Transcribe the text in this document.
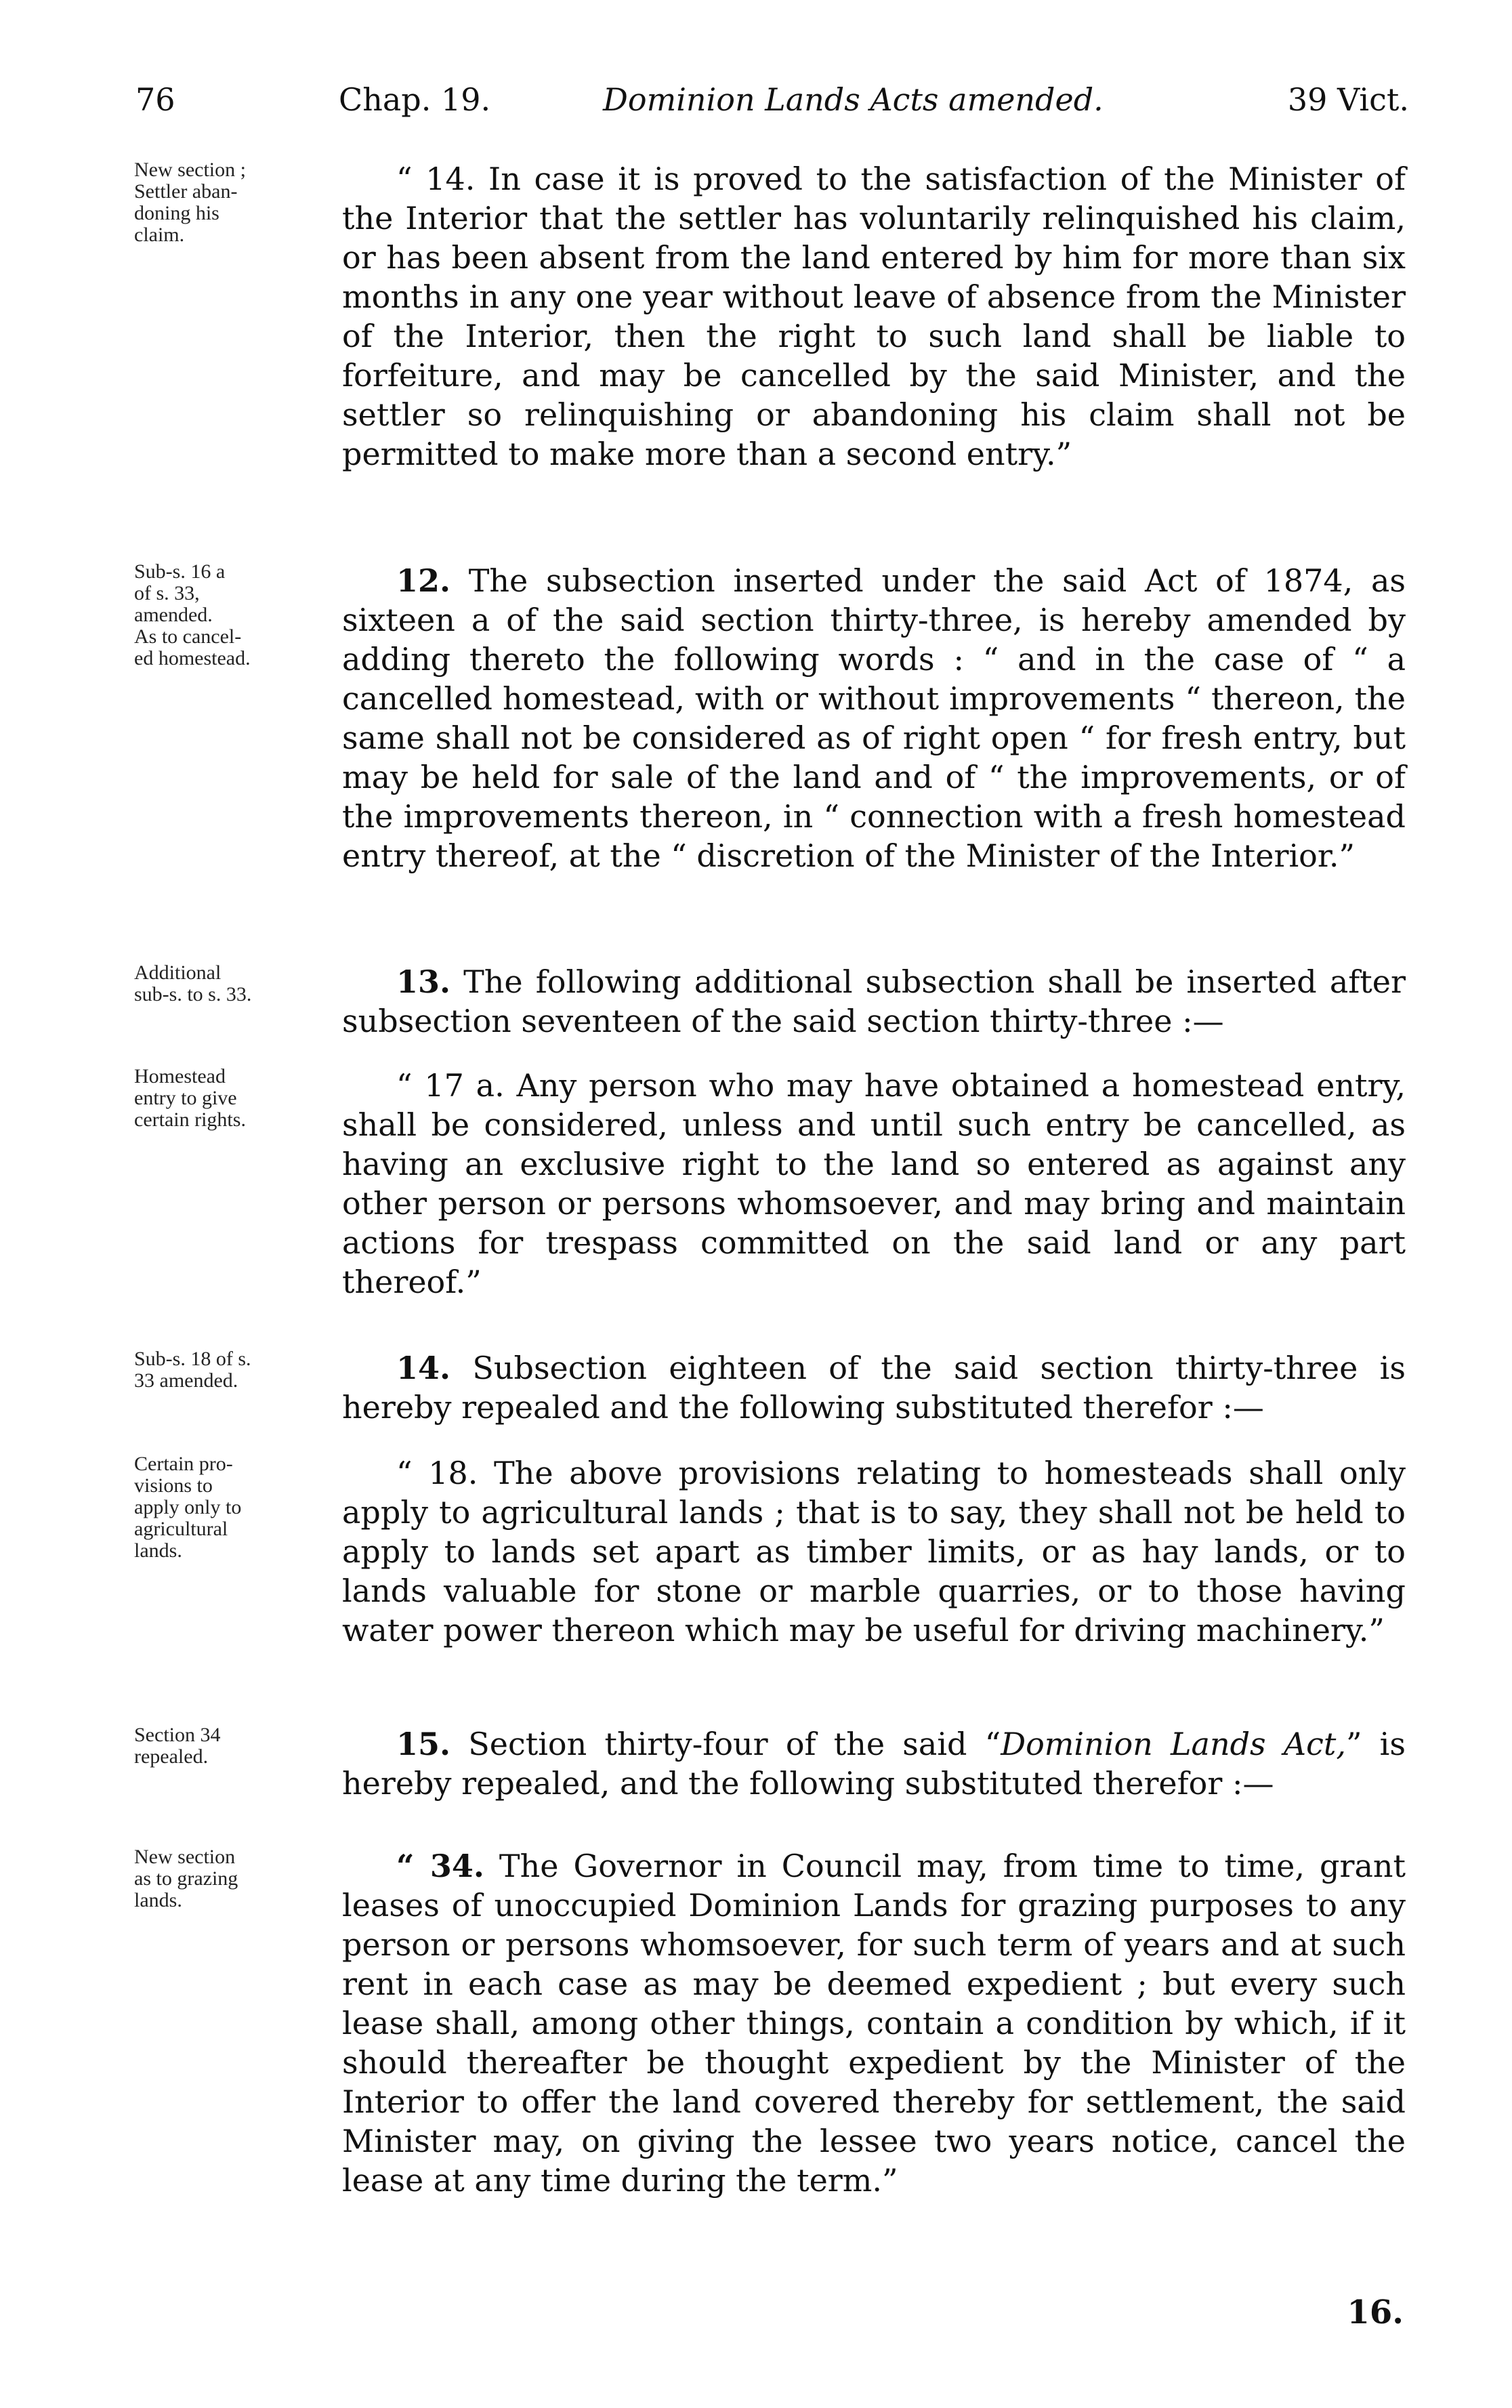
76	Chap. 19.	Dominion Lands Acts amended.	39 Vict.
New section ;
Settler aban-
doning his
claim.

“ 14. In case it is proved to the satisfaction of the Minister of the Interior that the settler has voluntarily relinquished his claim, or has been absent from the land entered by him for more than six months in any one year without leave of absence from the Minister of the Interior, then the right to such land shall be liable to forfeiture, and may be cancelled by the said Minister, and the settler so relinquishing or abandoning his claim shall not be permitted to make more than a second entry.”

Sub-s. 16 a
of s. 33,
amended.
As to cancel-
ed homestead.

12. The subsection inserted under the said Act of 1874, as sixteen a of the said section thirty-three, is hereby amended by adding thereto the following words : “ and in the case of “ a cancelled homestead, with or without improvements “ thereon, the same shall not be considered as of right open “ for fresh entry, but may be held for sale of the land and of “ the improvements, or of the improvements thereon, in “ connection with a fresh homestead entry thereof, at the “ discretion of the Minister of the Interior.”

Additional
sub-s. to s. 33.	13. The following additional subsection shall be inserted after subsection seventeen of the said section thirty-three :—

Homestead
entry to give
certain rights.

“ 17 a. Any person who may have obtained a homestead entry, shall be considered, unless and until such entry be cancelled, as having an exclusive right to the land so entered as against any other person or persons whomsoever, and may bring and maintain actions for trespass committed on the said land or any part thereof.”

Sub-s. 18 of s.
33 amended.	14. Subsection eighteen of the said section thirty-three is hereby repealed and the following substituted therefor :—

Certain pro-
visions to
apply only to
agricultural
lands.

“ 18. The above provisions relating to homesteads shall only apply to agricultural lands ; that is to say, they shall not be held to apply to lands set apart as timber limits, or as hay lands, or to lands valuable for stone or marble quarries, or to those having water power thereon which may be useful for driving machinery.”

Section 34
repealed.	15. Section thirty-four of the said “Dominion Lands Act,” is hereby repealed, and the following substituted therefor :—

New section
as to grazing
lands.

“ 34. The Governor in Council may, from time to time, grant leases of unoccupied Dominion Lands for grazing purposes to any person or persons whomsoever, for such term of years and at such rent in each case as may be deemed expedient ; but every such lease shall, among other things, contain a condition by which, if it should thereafter be thought expedient by the Minister of the Interior to offer the land covered thereby for settlement, the said Minister may, on giving the lessee two years notice, cancel the lease at any time during the term.”

16.
